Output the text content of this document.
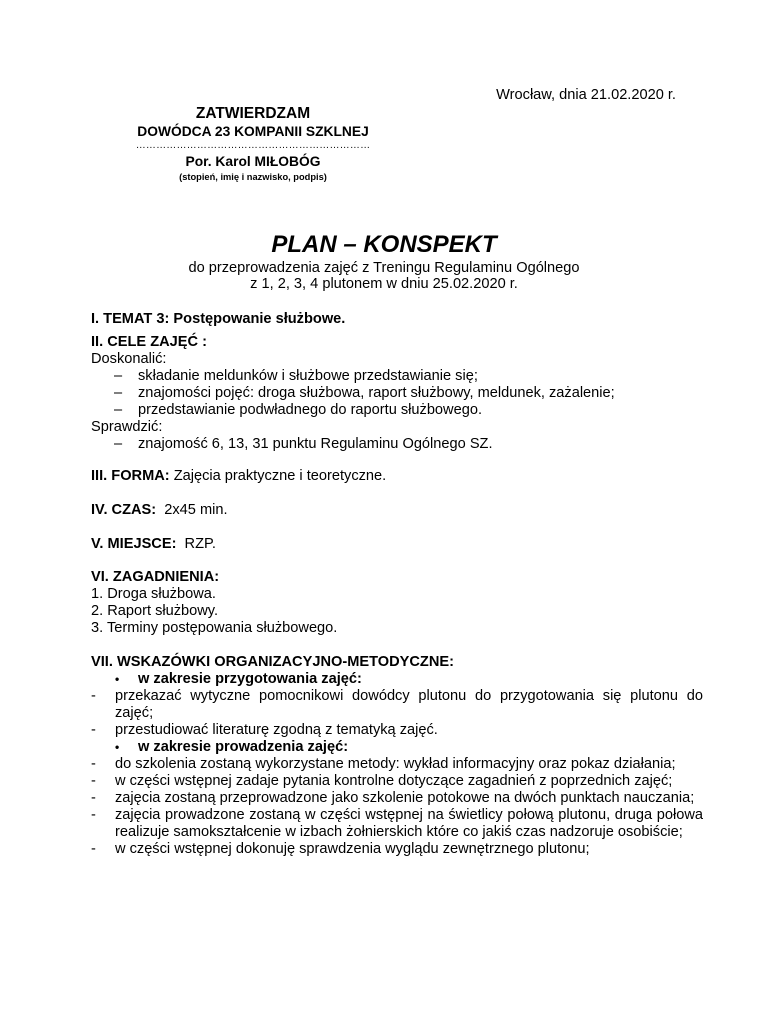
Wrocław, dnia 21.02.2020 r.
ZATWIERDZAM
DOWÓDCA 23 KOMPANII SZKLNEJ
……………………………………………………………
Por. Karol MIŁOBÓG
(stopień, imię i nazwisko, podpis)
PLAN – KONSPEKT
do przeprowadzenia zajęć z Treningu Regulaminu Ogólnego
z 1, 2, 3, 4 plutonem w dniu 25.02.2020 r.
I. TEMAT 3: Postępowanie służbowe.
II. CELE ZAJĘĆ :
Doskonalić:
– składanie meldunków i służbowe przedstawianie się;
– znajomości pojęć: droga służbowa, raport służbowy, meldunek, zażalenie;
– przedstawianie podwładnego do raportu służbowego.
Sprawdzić:
– znajomość 6, 13, 31 punktu Regulaminu Ogólnego SZ.
III. FORMA: Zajęcia praktyczne i teoretyczne.
IV. CZAS:  2x45 min.
V. MIEJSCE:  RZP.
VI. ZAGADNIENIA:
1. Droga służbowa.
2. Raport służbowy.
3. Terminy postępowania służbowego.
VII. WSKAZÓWKI ORGANIZACYJNO-METODYCZNE:
• w zakresie przygotowania zajęć:
- przekazać wytyczne pomocnikowi dowódcy plutonu do przygotowania się plutonu do zajęć;
- przestudiować literaturę zgodną z tematyką zajęć.
• w zakresie prowadzenia zajęć:
- do szkolenia zostaną wykorzystane metody: wykład informacyjny oraz pokaz działania;
- w części wstępnej zadaje pytania kontrolne dotyczące zagadnień z poprzednich zajęć;
- zajęcia zostaną przeprowadzone jako szkolenie potokowe na dwóch punktach nauczania;
- zajęcia prowadzone zostaną w części wstępnej na świetlicy połową plutonu, druga połowa realizuje samokształcenie w izbach żołnierskich które co jakiś czas nadzoruje osobiście;
- w części wstępnej dokonuję sprawdzenia wyglądu zewnętrznego plutonu;
